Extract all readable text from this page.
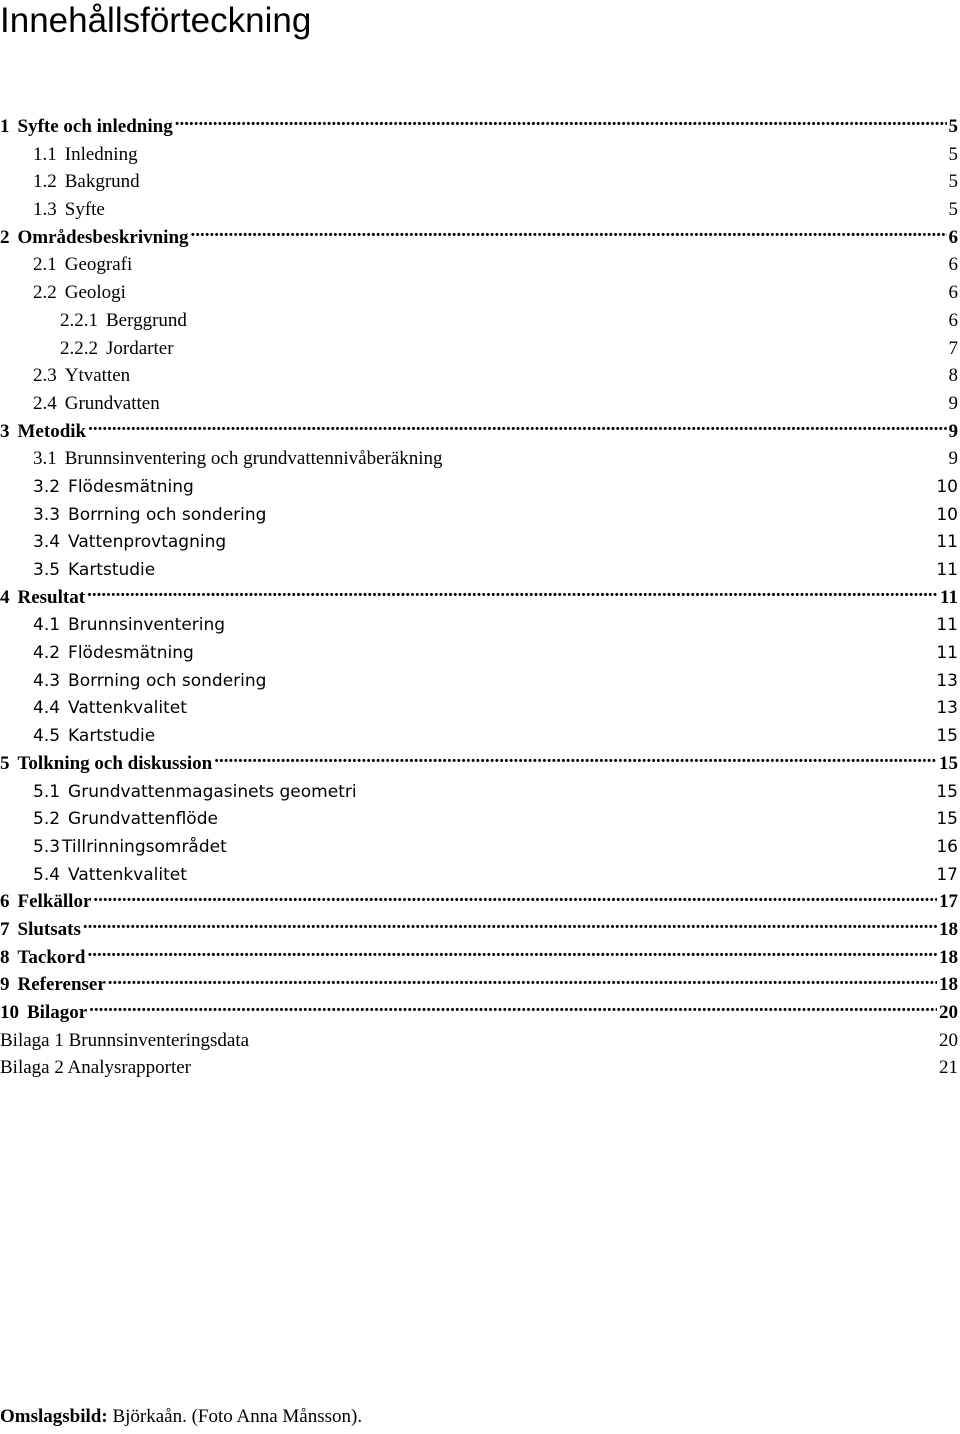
Innehållsförteckning
1 Syfte och inledning .....	5
1.1 Inledning	5
1.2 Bakgrund	5
1.3 Syfte	5
2 Områdesbeskrivning .....	6
2.1 Geografi	6
2.2 Geologi	6
2.2.1 Berggrund	6
2.2.2 Jordarter	7
2.3 Ytvatten	8
2.4 Grundvatten	9
3 Metodik .....	9
3.1 Brunnsinventering och grundvattennivåberäkning	9
3.2 Flödesmätning	10
3.3 Borrning och sondering	10
3.4 Vattenprovtagning	11
3.5 Kartstudie	11
4 Resultat .....	11
4.1 Brunnsinventering	11
4.2 Flödesmätning	11
4.3 Borrning och sondering	13
4.4 Vattenkvalitet	13
4.5 Kartstudie	15
5 Tolkning och diskussion .....	15
5.1 Grundvattenmagasinets geometri	15
5.2 Grundvattenflöde	15
5.3 Tillrinningsområdet	16
5.4 Vattenkvalitet	17
6 Felkällor .....	17
7 Slutsats .....	18
8 Tackord .....	18
9 Referenser .....	18
10 Bilagor .....	20
Bilaga 1 Brunnsinventeringsdata	20
Bilaga 2 Analysrapporter	21
Omslagsbild: Björkaån. (Foto Anna Månsson).
